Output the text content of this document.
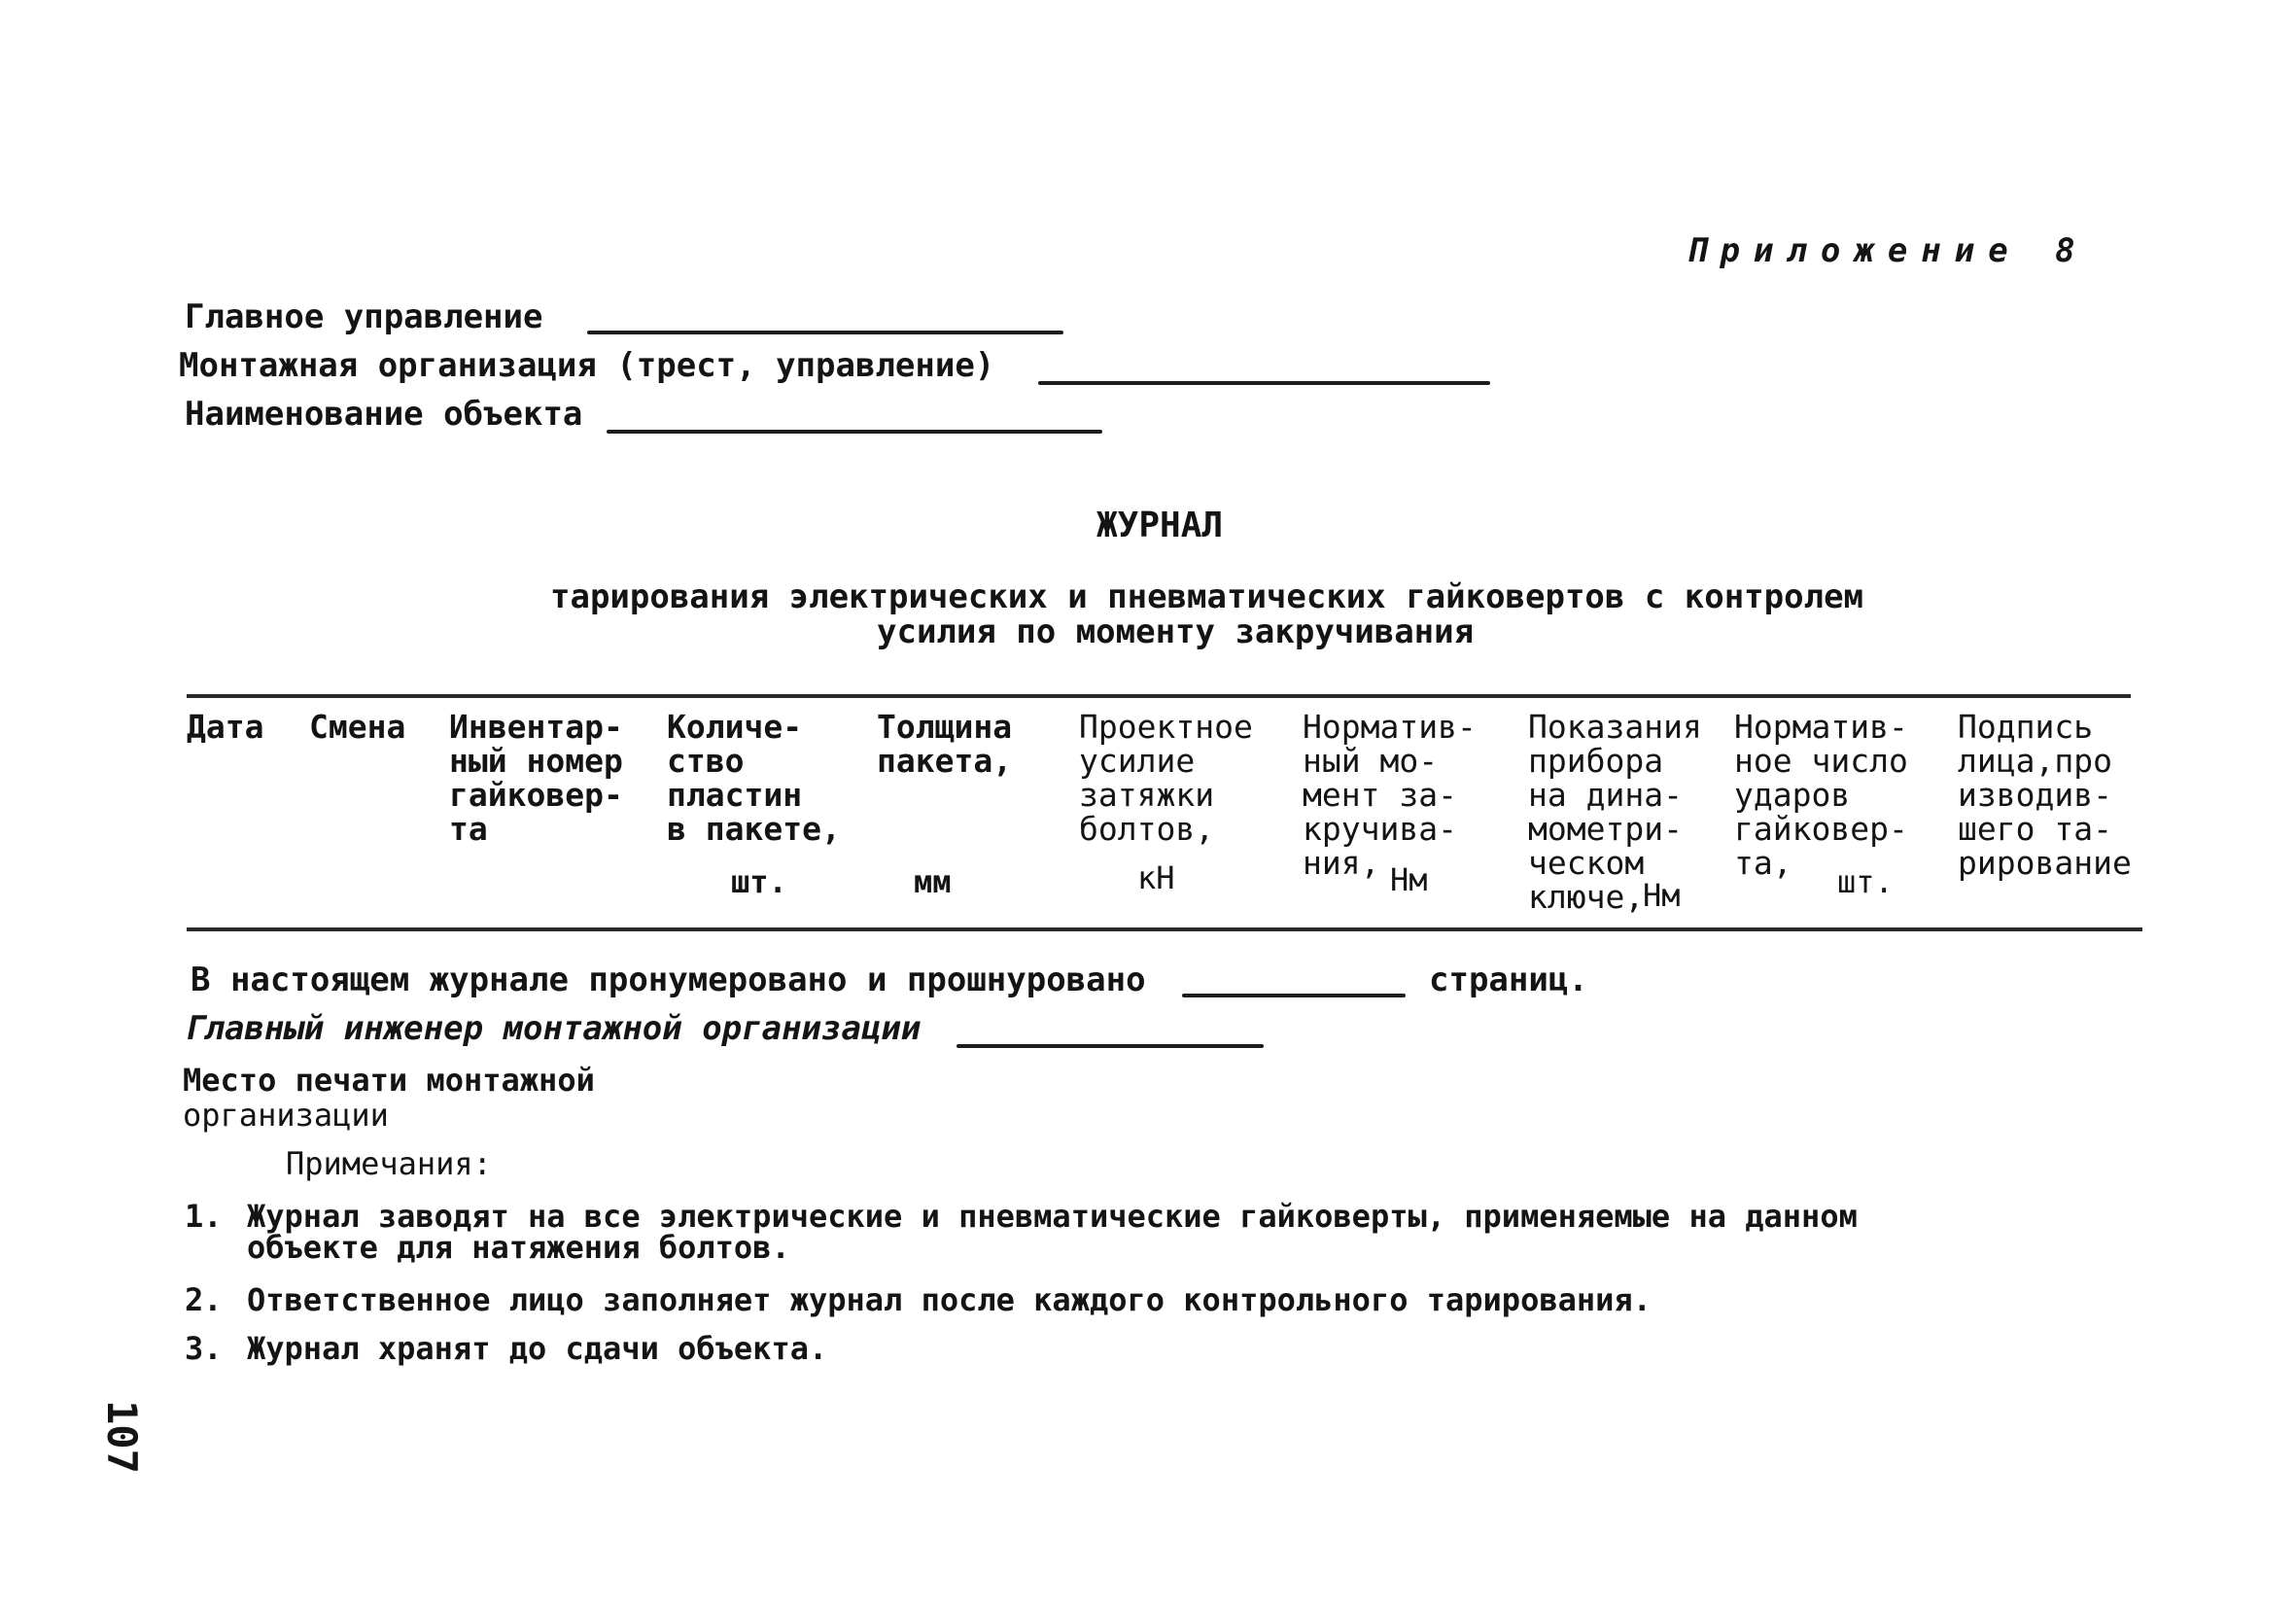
Приложение 8
Главное управление
Монтажная организация (трест, управление)
Наименование объекта
ЖУРНАЛ
тарирования электрических и пневматических гайковертов с контролем
усилия по моменту закручивания
Дата Смена Инвентар-
ный номер
гайковер-
та
Количе-
ство
пластин
в пакете,
шт.
Толщина
пакета,
мм
Проектное
усилие
затяжки
болтов,
кН
Норматив-
ный мо-
мент за-
кручива-
ния, Нм
Показания
прибора
на дина-
мометри-
ческом
ключе,
Нм
Норматив-
ное число
ударов
гайковер-
та,	шт.
Подпись
лица,про
изводив-
шего та-
рирование
В настоящем журнале пронумеровано и прошнуровано	страниц.
Главный инженер монтажной организации
Место печати монтажной
организации
Примечания:
1. Журнал заводят на все электрические и пневматические гайковерты, применяемые на данном
объекте для натяжения болтов.
2. Ответственное лицо заполняет журнал после каждого контрольного тарирования.
3. Журнал хранят до сдачи объекта.
107
